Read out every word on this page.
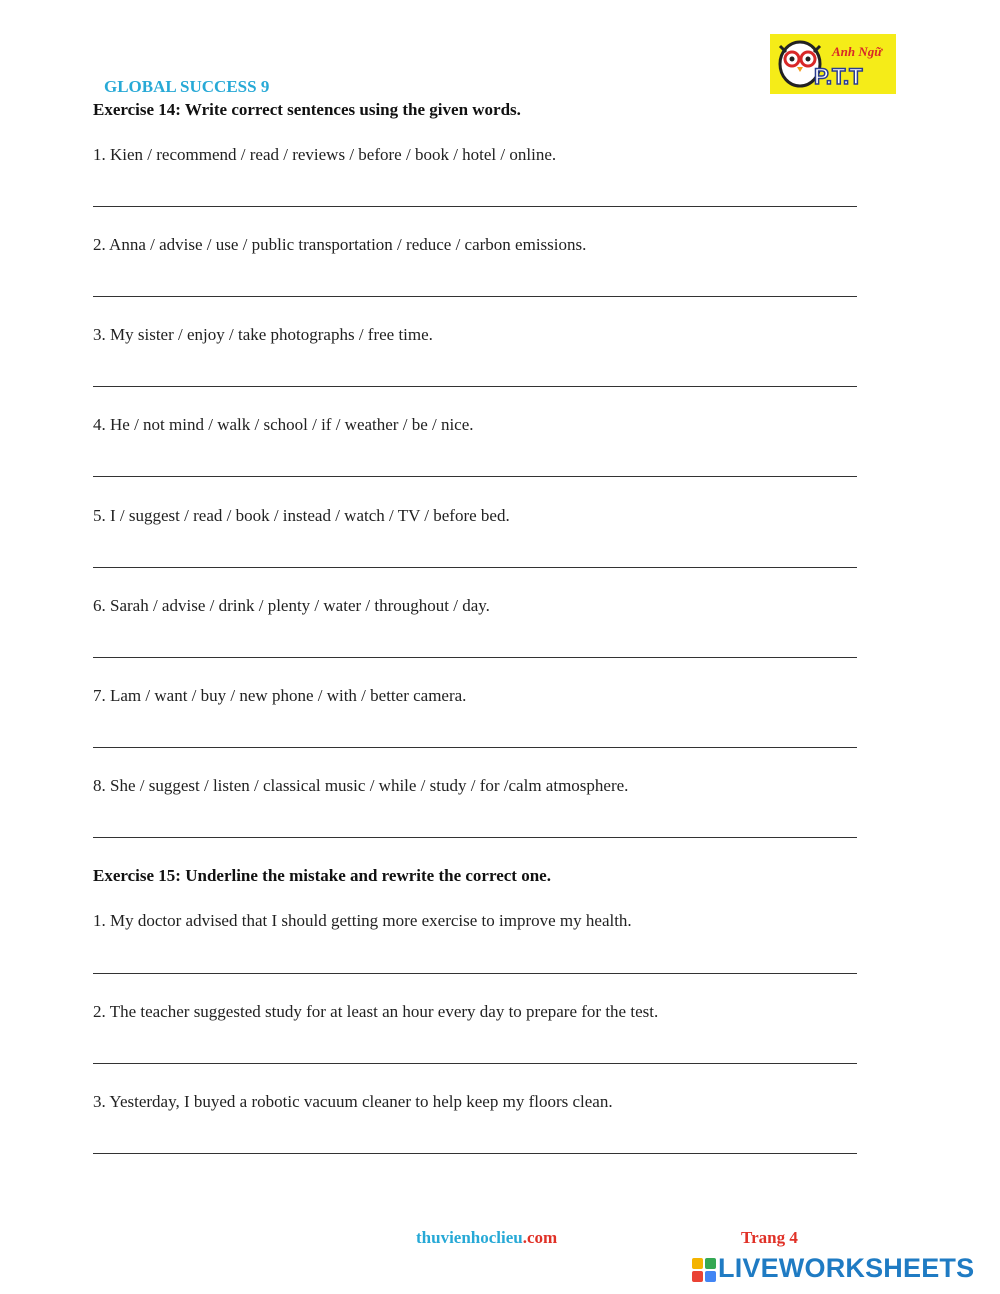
Anh Ngữ
P.T.T
GLOBAL SUCCESS 9
Exercise 14: Write correct sentences using the given words.
1. Kien / recommend / read / reviews / before / book / hotel / online.
2. Anna / advise / use / public transportation / reduce / carbon emissions.
3. My sister / enjoy / take photographs / free time.
4. He / not mind / walk / school / if / weather / be / nice.
5. I / suggest / read / book / instead / watch / TV / before bed.
6. Sarah / advise / drink / plenty / water / throughout / day.
7. Lam / want / buy / new phone / with / better camera.
8. She / suggest / listen / classical music / while / study / for /calm atmosphere.
Exercise 15: Underline the mistake and rewrite the correct one.
1. My doctor advised that I should getting more exercise to improve my health.
2. The teacher suggested study for at least an hour every day to prepare for the test.
3. Yesterday, I buyed a robotic vacuum cleaner to help keep my floors clean.
thuvienhoclieu.com	Trang 4
LIVEWORKSHEETS
